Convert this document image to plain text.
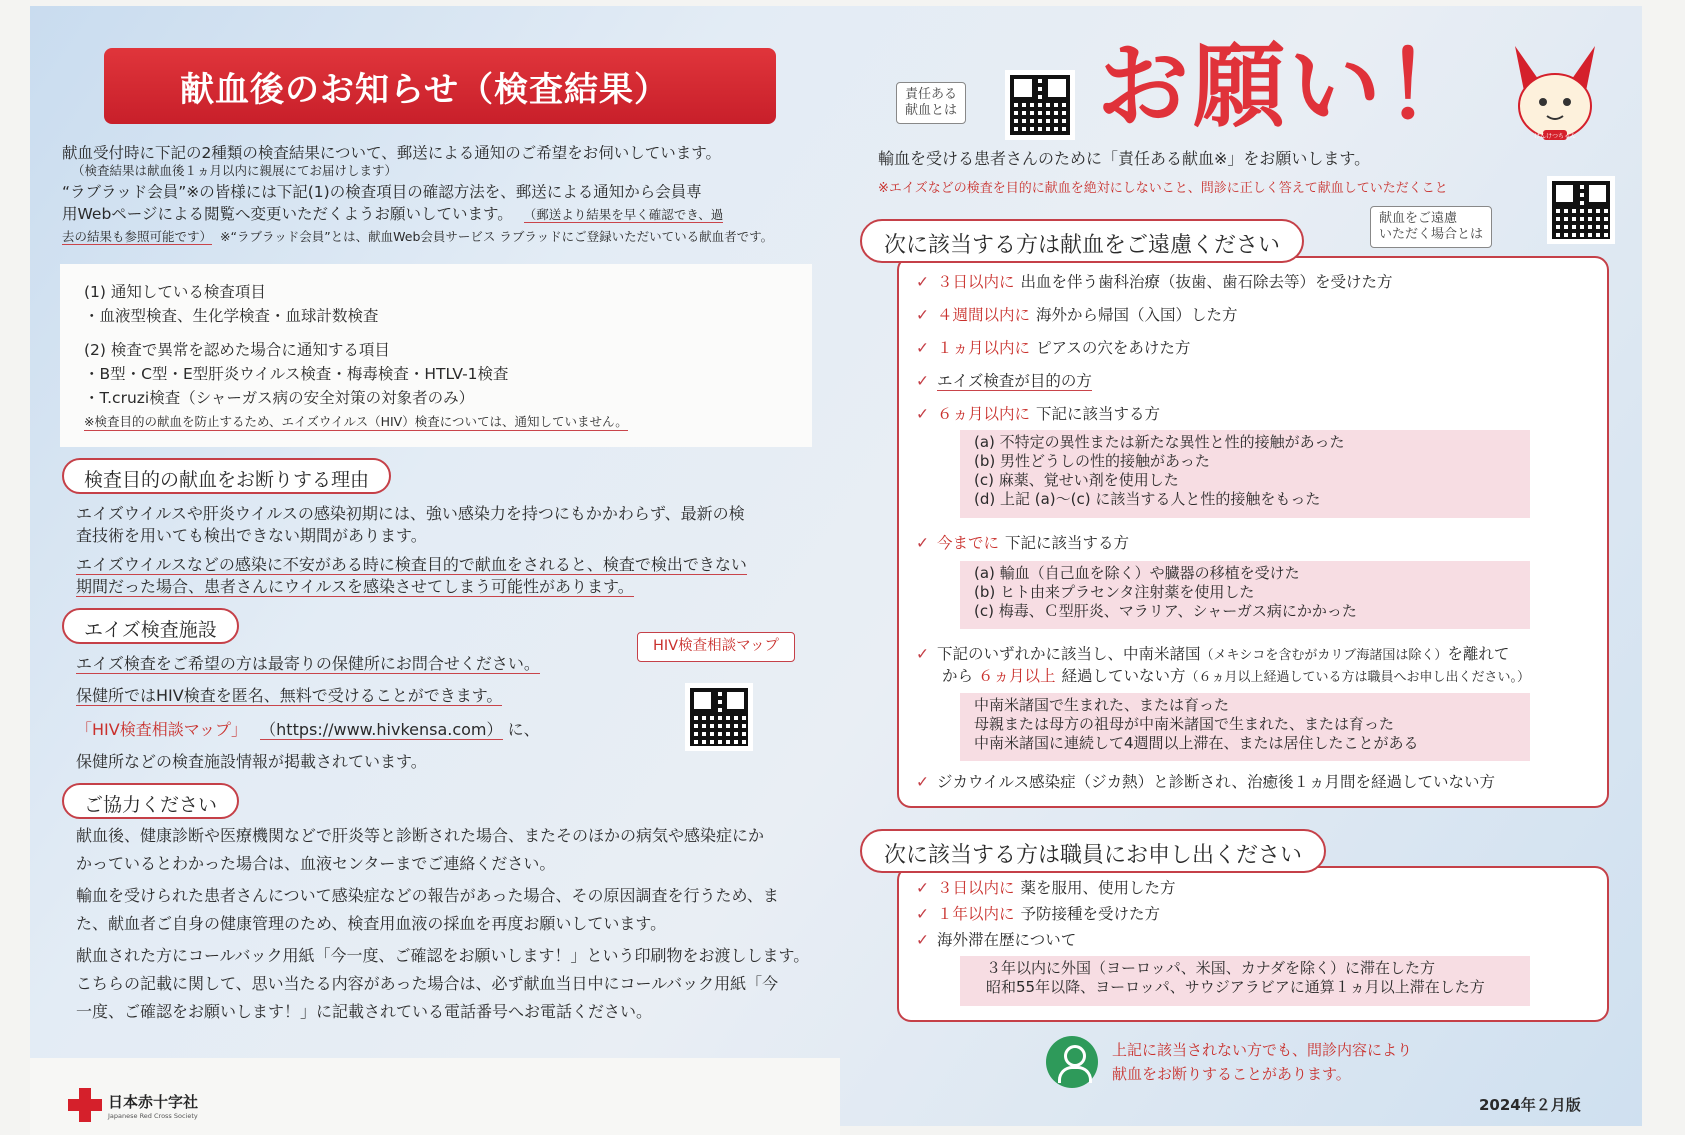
献血後のお知らせ（検査結果）
献血受付時に下記の2種類の検査結果について、郵送による通知のご希望をお伺いしています。
（検査結果は献血後１ヵ月以内に親展にてお届けします）
“ラブラッド会員”※の皆様には下記(1)の検査項目の確認方法を、郵送による通知から会員専
用Webページによる閲覧へ変更いただくようお願いしています。 （郵送より結果を早く確認でき、過
去の結果も参照可能です） ※“ラブラッド会員”とは、献血Web会員サービス ラブラッドにご登録いただいている献血者です。
(1) 通知している検査項目
・血液型検査、生化学検査・血球計数検査
(2) 検査で異常を認めた場合に通知する項目
・B型・C型・E型肝炎ウイルス検査・梅毒検査・HTLV-1検査
・T.cruzi検査（シャーガス病の安全対策の対象者のみ）
※検査目的の献血を防止するため、エイズウイルス（HIV）検査については、通知していません。
検査目的の献血をお断りする理由
エイズウイルスや肝炎ウイルスの感染初期には、強い感染力を持つにもかかわらず、最新の検
査技術を用いても検出できない期間があります。
エイズウイルスなどの感染に不安がある時に検査目的で献血をされると、検査で検出できない
期間だった場合、患者さんにウイルスを感染させてしまう可能性があります。
エイズ検査施設
エイズ検査をご希望の方は最寄りの保健所にお問合せください。
保健所ではHIV検査を匿名、無料で受けることができます。
「HIV検査相談マップ」 （https://www.hivkensa.com） に、
保健所などの検査施設情報が掲載されています。
HIV検査相談マップ
ご協力ください
献血後、健康診断や医療機関などで肝炎等と診断された場合、またそのほかの病気や感染症にか
かっているとわかった場合は、血液センターまでご連絡ください。
輸血を受けられた患者さんについて感染症などの報告があった場合、その原因調査を行うため、ま
た、献血者ご自身の健康管理のため、検査用血液の採血を再度お願いしています。
献血された方にコールバック用紙「今一度、ご確認をお願いします！」という印刷物をお渡しします。
こちらの記載に関して、思い当たる内容があった場合は、必ず献血当日中にコールバック用紙「今
一度、ご確認をお願いします！」に記載されている電話番号へお電話ください。
日本赤十字社
Japanese Red Cross Society
責任ある
献血とは お願い！	けんけつちゃん
輸血を受ける患者さんのために「責任ある献血※」をお願いします。
※エイズなどの検査を目的に献血を絶対にしないこと、問診に正しく答えて献血していただくこと
献血をご遠慮
いただく場合とは
次に該当する方は献血をご遠慮ください
✓ ３日以内に 出血を伴う歯科治療（抜歯、歯石除去等）を受けた方
✓ ４週間以内に 海外から帰国（入国）した方
✓ １ヵ月以内に ピアスの穴をあけた方
✓ エイズ検査が目的の方
✓ ６ヵ月以内に 下記に該当する方
(a) 不特定の異性または新たな異性と性的接触があった
(b) 男性どうしの性的接触があった
(c) 麻薬、覚せい剤を使用した
(d) 上記 (a)〜(c) に該当する人と性的接触をもった
✓ 今までに 下記に該当する方
(a) 輸血（自己血を除く）や臓器の移植を受けた
(b) ヒト由来プラセンタ注射薬を使用した
(c) 梅毒、Ｃ型肝炎、マラリア、シャーガス病にかかった
✓ 下記のいずれかに該当し、中南米諸国（メキシコを含むがカリブ海諸国は除く）を離れて
から ６ヵ月以上 経過していない方（６ヵ月以上経過している方は職員へお申し出ください。）
中南米諸国で生まれた、または育った
母親または母方の祖母が中南米諸国で生まれた、または育った
中南米諸国に連続して4週間以上滞在、または居住したことがある
✓ ジカウイルス感染症（ジカ熱）と診断され、治癒後１ヵ月間を経過していない方
次に該当する方は職員にお申し出ください
✓ ３日以内に 薬を服用、使用した方
✓ １年以内に 予防接種を受けた方
✓ 海外滞在歴について
３年以内に外国（ヨーロッパ、米国、カナダを除く）に滞在した方
昭和55年以降、ヨーロッパ、サウジアラビアに通算１ヵ月以上滞在した方
上記に該当されない方でも、問診内容により
献血をお断りすることがあります。
2024年２月版
